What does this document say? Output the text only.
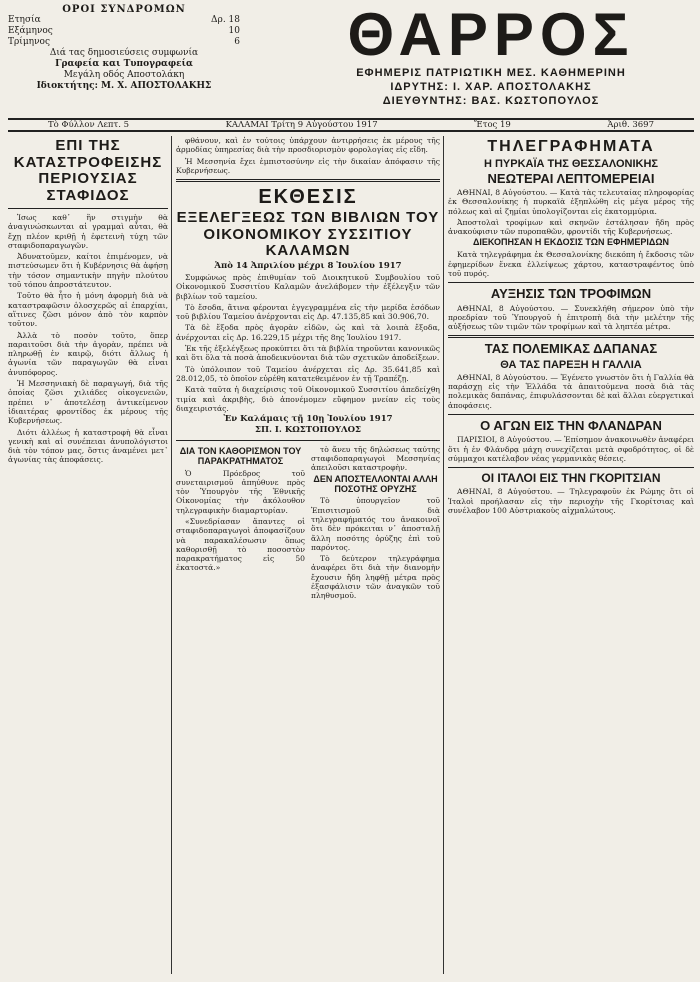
ΟΡΟΙ ΣΥΝΔΡΟΜΩΝ
Ετησία	Δρ. 18
Εξάμηνος	10
Τρίμηνος	6
Διά τας δημοσιεύσεις συμφωνία
Γραφεία και Τυπογραφεία
Μεγάλη οδός Αποστολάκη
Ιδιοκτήτης: Μ. Χ. ΑΠΟΣΤΟΛΑΚΗΣ
ΘΑΡΡΟΣ
ΕΦΗΜΕΡΙΣ ΠΑΤΡΙΩΤΙΚΗ ΜΕΣ. ΚΑΘΗΜΕΡΙΝΗ
ΙΔΡΥΤΗΣ: Ι. ΧΑΡ. ΑΠΟΣΤΟΛΑΚΗΣ
ΔΙΕΥΘΥΝΤΗΣ: ΒΑΣ. ΚΩΣΤΟΠΟΥΛΟΣ
Τὸ Φύλλον Λεπτ. 5	ΚΑΛΑΜΑΙ Τρίτη 9 Αὐγούστου 1917	Ἔτος 19	Ἀριθ. 3697
ΕΠΙ ΤΗΣ ΚΑΤΑΣΤΡΟΦΕΙΣΗΣ ΠΕΡΙΟΥΣΙΑΣ ΣΤΑΦΙΔΟΣ

Ἰσως καθ᾽ ἣν στιγμὴν θὰ ἀναγινώσκωνται αἱ γραμμαὶ αὗται, θὰ ἔχῃ πλέον κριθῇ ἡ ἐφετεινὴ τύχη τῶν σταφιδοπαραγωγῶν.

Ἀδυνατοῦμεν, καίτοι ἐπιμένομεν, νὰ πιστεύσωμεν ὅτι ἡ Κυβέρνησις θὰ ἀφήσῃ τὴν τόσον σημαντικὴν πηγὴν πλούτου τοῦ τόπου ἀπροστάτευτον.

Τοῦτο θὰ ἦτο ἡ μόνη ἀφορμὴ διὰ νὰ καταστραφῶσιν ὁλοσχερῶς αἱ ἐπαρχίαι, αἵτινες ζῶσι μόνον ἀπὸ τὸν καρπὸν τοῦτον.

Ἀλλὰ τὸ ποσὸν τοῦτο, ὅπερ παραιτοῦσι διὰ τὴν ἀγορὰν, πρέπει νὰ πληρωθῇ ἐν καιρῷ, διότι ἄλλως ἡ ἀγωνία τῶν παραγωγῶν θὰ εἶναι ἀνυπόφορος.

Ἡ Μεσσηνιακὴ δὲ παραγωγή, διὰ τῆς ὁποίας ζῶσι χιλιάδες οἰκογενειῶν, πρέπει ν᾽ ἀποτελέσῃ ἀντικείμενον ἰδιαιτέρας φροντίδος ἐκ μέρους τῆς Κυβερνήσεως.

Διότι ἀλλέως ἡ καταστροφὴ θὰ εἶναι γενικὴ καὶ αἱ συνέπειαι ἀνυπολόγιστοι διὰ τὸν τόπον μας, ὅστις ἀναμένει μετ᾽ ἀγωνίας τὰς ἀποφάσεις.

φθάνουν, καὶ ἐν τούτοις ὑπάρχουν ἀντιρρήσεις ἐκ μέρους τῆς ἁρμοδίας ὑπηρεσίας διὰ τὴν προσδιορισμὸν φορολογίας εἰς εἴδη.

Ἡ Μεσσηνία ἔχει ἐμπιστοσύνην εἰς τὴν δικαίαν ἀπόφασιν τῆς Κυβερνήσεως.

ΕΚΘΕΣΙΣ
ΕΞΕΛΕΓΞΕΩΣ ΤΩΝ ΒΙΒΛΙΩΝ ΤΟΥ ΟΙΚΟΝΟΜΙΚΟΥ ΣΥΣΣΙΤΙΟΥ ΚΑΛΑΜΩΝ
Ἀπὸ 14 Ἀπριλίου μέχρι 8 Ἰουλίου 1917

Συμφώνως πρὸς ἐπιθυμίαν τοῦ Διοικητικοῦ Συμβουλίου τοῦ Οἰκονομικοῦ Συσσιτίου Καλαμῶν ἀνελάβομεν τὴν ἐξέλεγξιν τῶν βιβλίων τοῦ ταμείου.

Τὸ ἔσοδα, ἅτινα φέρονται ἐγγεγραμμένα εἰς τὴν μερίδα ἐσόδων τοῦ βιβλίου Ταμείου ἀνέρχονται εἰς Δρ. 47.135,85 καὶ 30.906,70.

Τὰ δὲ ἔξοδα πρὸς ἀγορὰν εἰδῶν, ὡς καὶ τὰ λοιπὰ ἔξοδα, ἀνέρχονται εἰς Δρ. 16.229,15 μέχρι τῆς 8ης Ἰουλίου 1917.

Ἐκ τῆς ἐξελέγξεως προκύπτει ὅτι τὰ βιβλία τηροῦνται κανονικῶς καὶ ὅτι ὅλα τὰ ποσὰ ἀποδεικνύονται διὰ τῶν σχετικῶν ἀποδείξεων.

Τὸ ὑπόλοιπον τοῦ Ταμείου ἀνέρχεται εἰς Δρ. 35.641,85 καὶ 28.012,05, τὸ ὁποῖον εὑρέθη κατατεθειμένον ἐν τῇ Τραπέζῃ.

Κατὰ ταῦτα ἡ διαχείρισις τοῦ Οἰκονομικοῦ Συσσιτίου ἀπεδείχθη τιμία καὶ ἀκριβὴς, διὸ ἀπονέμομεν εὔφημον μνείαν εἰς τοὺς διαχειριστάς.

Ἐν Καλάμαις τῇ 10ῃ Ἰουλίου 1917
ΣΠ. Ι. ΚΩΣΤΟΠΟΥΛΟΣ
ΔΙΑ ΤΟΝ ΚΑΘΟΡΙΣΜΟΝ ΤΟΥ ΠΑΡΑΚΡΑΤΗΜΑΤΟΣ

Ὁ Πρόεδρος τοῦ συνεταιρισμοῦ ἀπηύθυνε πρὸς τὸν Ὑπουργὸν τῆς Ἐθνικῆς Οἰκονομίας τὴν ἀκόλουθον τηλεγραφικὴν διαμαρτυρίαν.

«Συνεδρίασαν ἅπαντες οἱ σταφιδοπαραγωγοὶ ἀποφασίζουν νὰ παρακαλέσωσιν ὅπως καθορισθῇ τὸ ποσοστὸν παρακρατήματος εἰς 50 ἑκατοστά.»

τὸ ἄνευ τῆς δηλώσεως ταύτης σταφιδοπαραγωγοὶ Μεσσηνίας ἀπειλοῦσι καταστροφὴν.

ΔΕΝ ΑΠΟΣΤΕΛΛΟΝΤΑΙ ΑΛΛΗ ΠΟΣΟΤΗΣ ΟΡΥΖΗΣ

Τὸ ὑπουργεῖον τοῦ Ἐπισιτισμοῦ διὰ τηλεγραφήματός του ἀνακοινοῖ ὅτι δὲν πρόκειται ν᾽ ἀποσταλῇ ἄλλη ποσότης ὀρύζης ἐπὶ τοῦ παρόντος.

Τὸ δεύτερον τηλεγράφημα ἀναφέρει ὅτι διὰ τὴν διανομὴν ἔχουσιν ἤδη ληφθῇ μέτρα πρὸς ἐξασφάλισιν τῶν ἀναγκῶν τοῦ πληθυσμοῦ.

ΤΗΛΕΓΡΑΦΗΜΑΤΑ
Η ΠΥΡΚΑΪΑ ΤΗΣ ΘΕΣΣΑΛΟΝΙΚΗΣ
ΝΕΩΤΕΡΑΙ ΛΕΠΤΟΜΕΡΕΙΑΙ

ΑΘΗΝΑΙ, 8 Αὐγούστου. — Κατὰ τὰς τελευταίας πληροφορίας ἐκ Θεσσαλονίκης ἡ πυρκαϊὰ ἐξηπλώθη εἰς μέγα μέρος τῆς πόλεως καὶ αἱ ζημίαι ὑπολογίζονται εἰς ἑκατομμύρια.

Ἀποστολαὶ τροφίμων καὶ σκηνῶν ἐστάλησαν ἤδη πρὸς ἀνακούφισιν τῶν πυροπαθῶν, φροντίδι τῆς Κυβερνήσεως.

ΔΙΕΚΟΠΗΣΑΝ Η ΕΚΔΟΣΙΣ ΤΩΝ ΕΦΗΜΕΡΙΔΩΝ

Κατὰ τηλεγράφημα ἐκ Θεσσαλονίκης διεκόπη ἡ ἔκδοσις τῶν ἐφημερίδων ἕνεκα ἐλλείψεως χάρτου, καταστραφέντος ὑπὸ τοῦ πυρός.

ΑΥΞΗΣΙΣ ΤΩΝ ΤΡΟΦΙΜΩΝ

ΑΘΗΝΑΙ, 8 Αὐγούστου. — Συνεκλήθη σήμερον ὑπὸ τὴν προεδρίαν τοῦ Ὑπουργοῦ ἡ ἐπιτροπὴ διὰ τὴν μελέτην τῆς αὐξήσεως τῶν τιμῶν τῶν τροφίμων καὶ τὰ ληπτέα μέτρα.

ΤΑΣ ΠΟΛΕΜΙΚΑΣ ΔΑΠΑΝΑΣ
ΘΑ ΤΑΣ ΠΑΡΕΞΗ Η ΓΑΛΛΙΑ

ΑΘΗΝΑΙ, 8 Αὐγούστου. — Ἐγένετο γνωστὸν ὅτι ἡ Γαλλία θὰ παράσχῃ εἰς τὴν Ἑλλάδα τὰ ἀπαιτούμενα ποσὰ διὰ τὰς πολεμικὰς δαπάνας, ἐπιφυλάσσονται δὲ καὶ ἄλλαι εὐεργετικαὶ ἀποφάσεις.

Ο ΑΓΩΝ ΕΙΣ ΤΗΝ ΦΛΑΝΔΡΑΝ

ΠΑΡΙΣΙΟΙ, 8 Αὐγούστου. — Ἐπίσημον ἀνακοινωθὲν ἀναφέρει ὅτι ἡ ἐν Φλάνδρᾳ μάχη συνεχίζεται μετὰ σφοδρότητος, οἱ δὲ σύμμαχοι κατέλαβον νέας γερμανικὰς θέσεις.

ΟΙ ΙΤΑΛΟΙ ΕΙΣ ΤΗΝ ΓΚΟΡΙΤΣΙΑΝ

ΑΘΗΝΑΙ, 8 Αὐγούστου. — Τηλεγραφοῦν ἐκ Ρώμης ὅτι οἱ Ἰταλοὶ προήλασαν εἰς τὴν περιοχὴν τῆς Γκορίτσιας καὶ συνέλαβον 100 Αὐστριακοὺς αἰχμαλώτους.
